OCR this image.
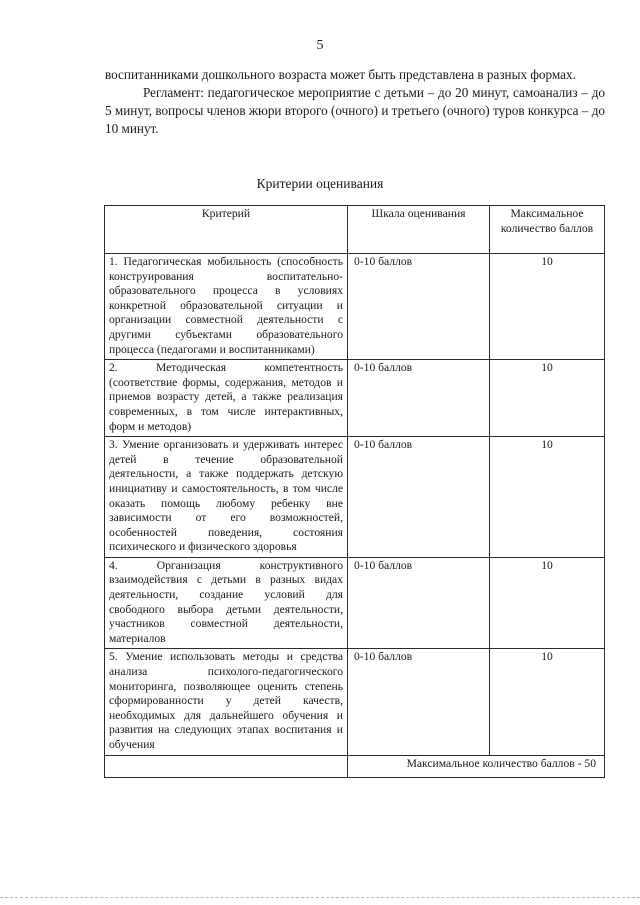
5

воспитанниками дошкольного возраста может быть представлена в разных формах.

Регламент: педагогическое мероприятие с детьми – до 20 минут, самоанализ – до 5 минут, вопросы членов жюри второго (очного) и третьего (очного) туров конкурса – до 10 минут.

Критерии оценивания
Критерий	Шкала оценивания	Максимальное количество баллов
1. Педагогическая мобильность (способность конструирования воспитательно-образовательного процесса в условиях конкретной образовательной ситуации и организации совместной деятельности с другими субъектами образовательного процесса (педагогами и воспитанниками)	0-10 баллов	10
2. Методическая компетентность (соответствие формы, содержания, методов и приемов возрасту детей, а также реализация современных, в том числе интерактивных, форм и методов)	0-10 баллов	10
3. Умение организовать и удерживать интерес детей в течение образовательной деятельности, а также поддержать детскую инициативу и самостоятельность, в том числе оказать помощь любому ребенку вне зависимости от его возможностей, особенностей поведения, состояния психического и физического здоровья	0-10 баллов	10
4. Организация конструктивного взаимодействия с детьми в разных видах деятельности, создание условий для свободного выбора детьми деятельности, участников совместной деятельности, материалов	0-10 баллов	10
5. Умение использовать методы и средства анализа психолого-педагогического мониторинга, позволяющее оценить степень сформированности у детей качеств, необходимых для дальнейшего обучения и развития на следующих этапах воспитания и обучения	0-10 баллов	10
	Максимальное количество баллов - 50	
